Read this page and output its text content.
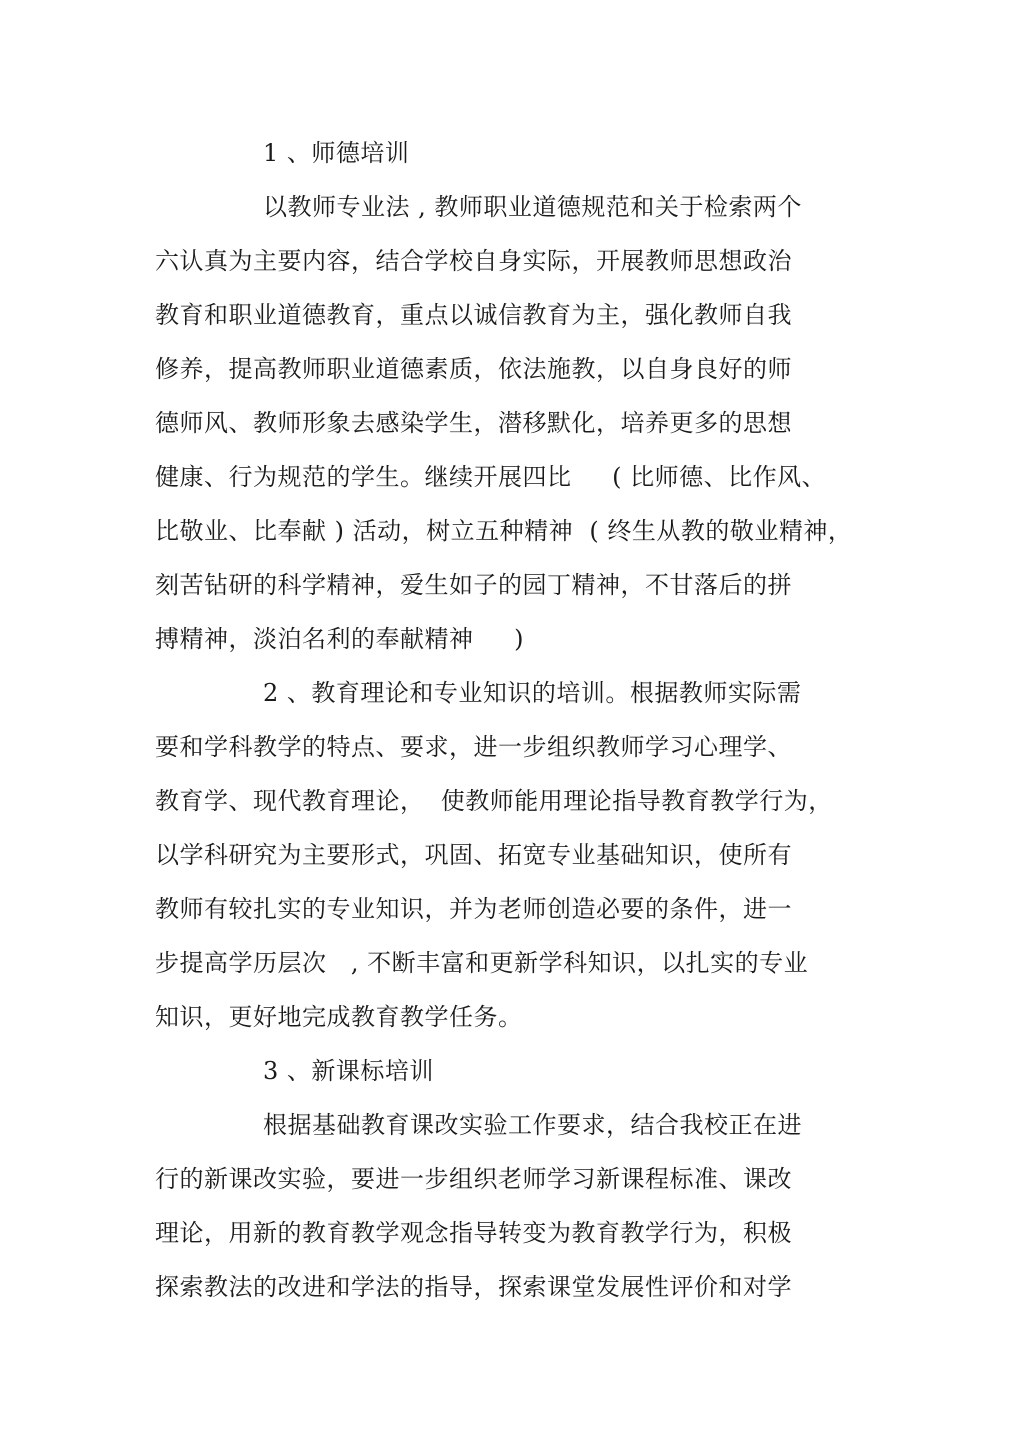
1 、师德培训
以教师专业法 , 教师职业道德规范和关于检索两个
六认真为主要内容，结合学校自身实际，开展教师思想政治
教育和职业道德教育，重点以诚信教育为主，强化教师自我
修养，提高教师职业道德素质，依法施教，以自身良好的师
德师风、教师形象去感染学生，潜移默化，培养更多的思想
健康、行为规范的学生。继续开展四比     ( 比师德、比作风、
比敬业、比奉献 ) 活动，树立五种精神  ( 终生从教的敬业精神，
刻苦钻研的科学精神，爱生如子的园丁精神，不甘落后的拼
搏精神，淡泊名利的奉献精神     )
2 、教育理论和专业知识的培训。根据教师实际需
要和学科教学的特点、要求，进一步组织教师学习心理学、
教育学、现代教育理论，  使教师能用理论指导教育教学行为，
以学科研究为主要形式，巩固、拓宽专业基础知识，使所有
教师有较扎实的专业知识，并为老师创造必要的条件，进一
步提高学历层次   , 不断丰富和更新学科知识，以扎实的专业
知识，更好地完成教育教学任务。
3 、新课标培训
根据基础教育课改实验工作要求，结合我校正在进
行的新课改实验，要进一步组织老师学习新课程标准、课改
理论，用新的教育教学观念指导转变为教育教学行为，积极
探索教法的改进和学法的指导，探索课堂发展性评价和对学
